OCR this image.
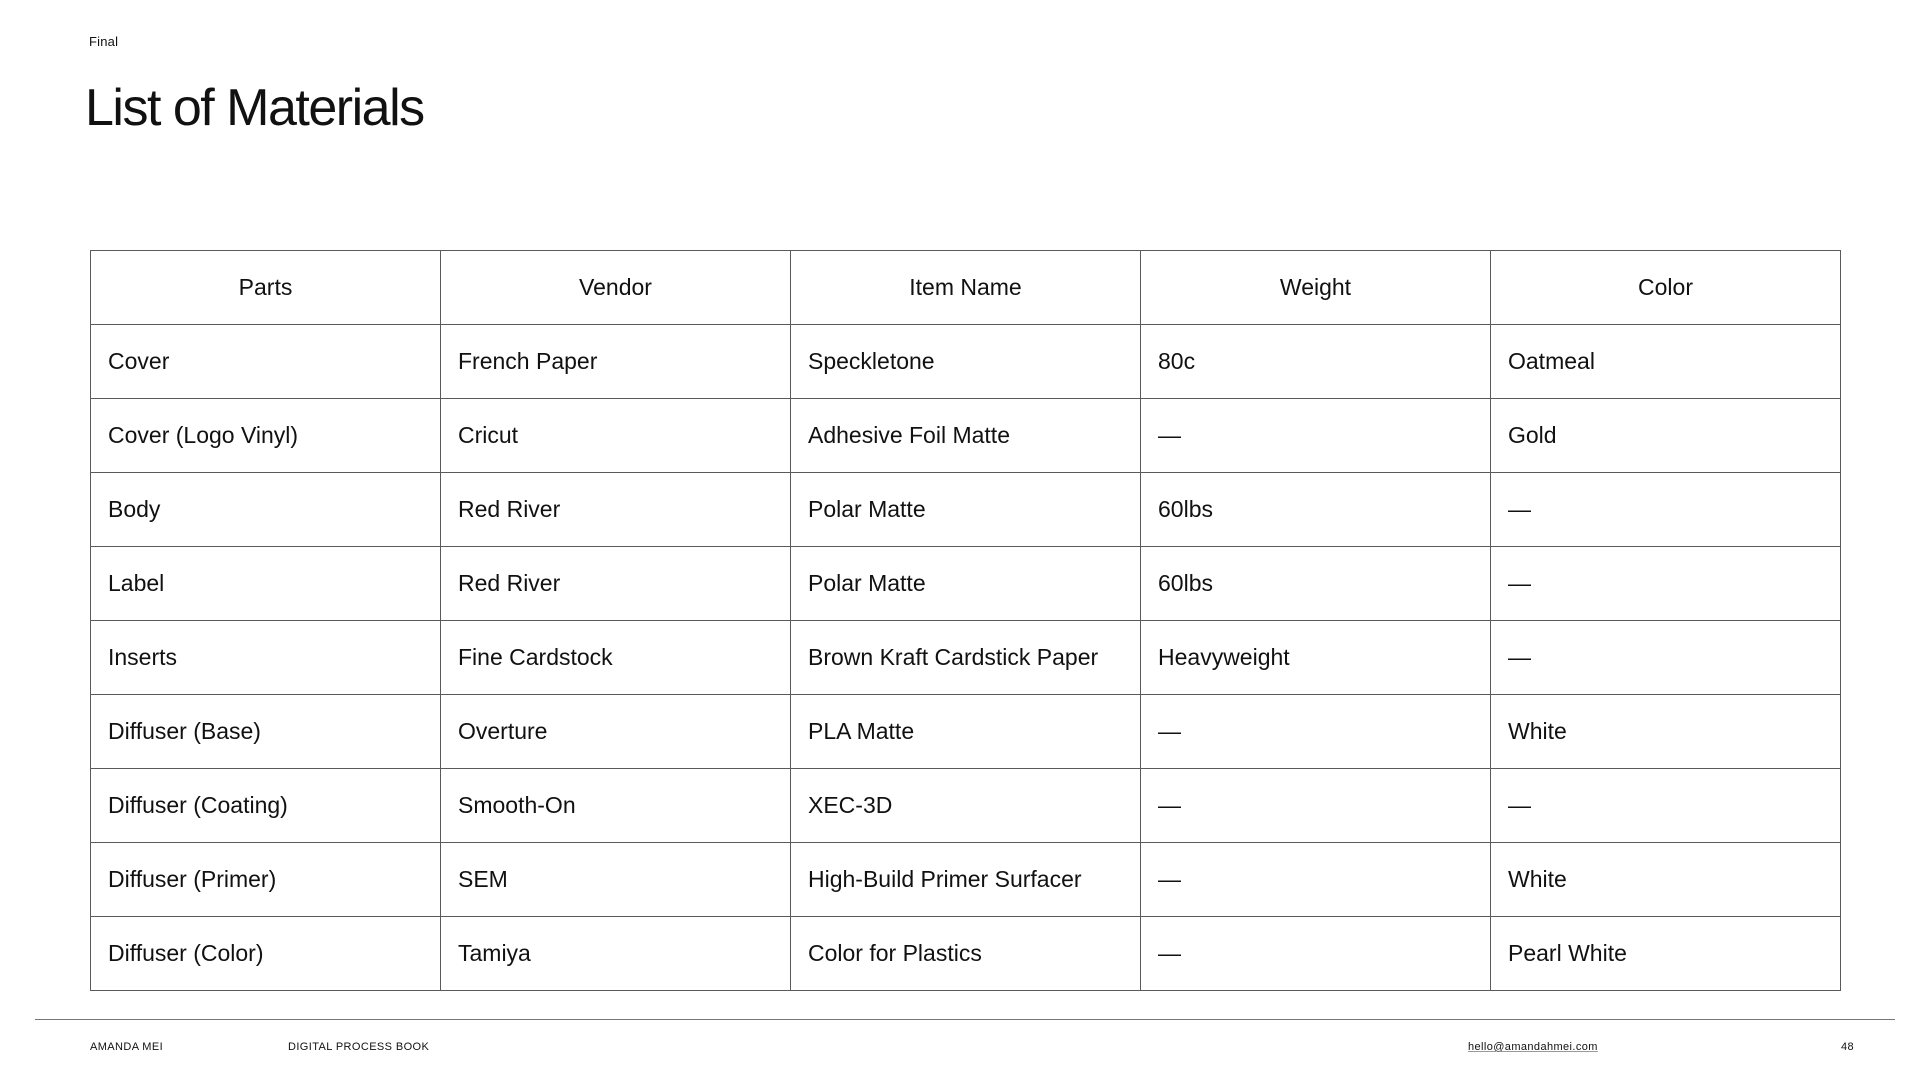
Final
List of Materials
Parts	Vendor	Item Name	Weight	Color
Cover	French Paper	Speckletone	80c	Oatmeal
Cover (Logo Vinyl)	Cricut	Adhesive Foil Matte	—	Gold
Body	Red River	Polar Matte	60lbs	—
Label	Red River	Polar Matte	60lbs	—
Inserts	Fine Cardstock	Brown Kraft Cardstick Paper	Heavyweight	—
Diffuser (Base)	Overture	PLA Matte	—	White
Diffuser (Coating)	Smooth-On	XEC-3D	—	—
Diffuser (Primer)	SEM	High-Build Primer Surfacer	—	White
Diffuser (Color)	Tamiya	Color for Plastics	—	Pearl White
AMANDA MEI	DIGITAL PROCESS BOOK	hello@amandahmei.com	48
